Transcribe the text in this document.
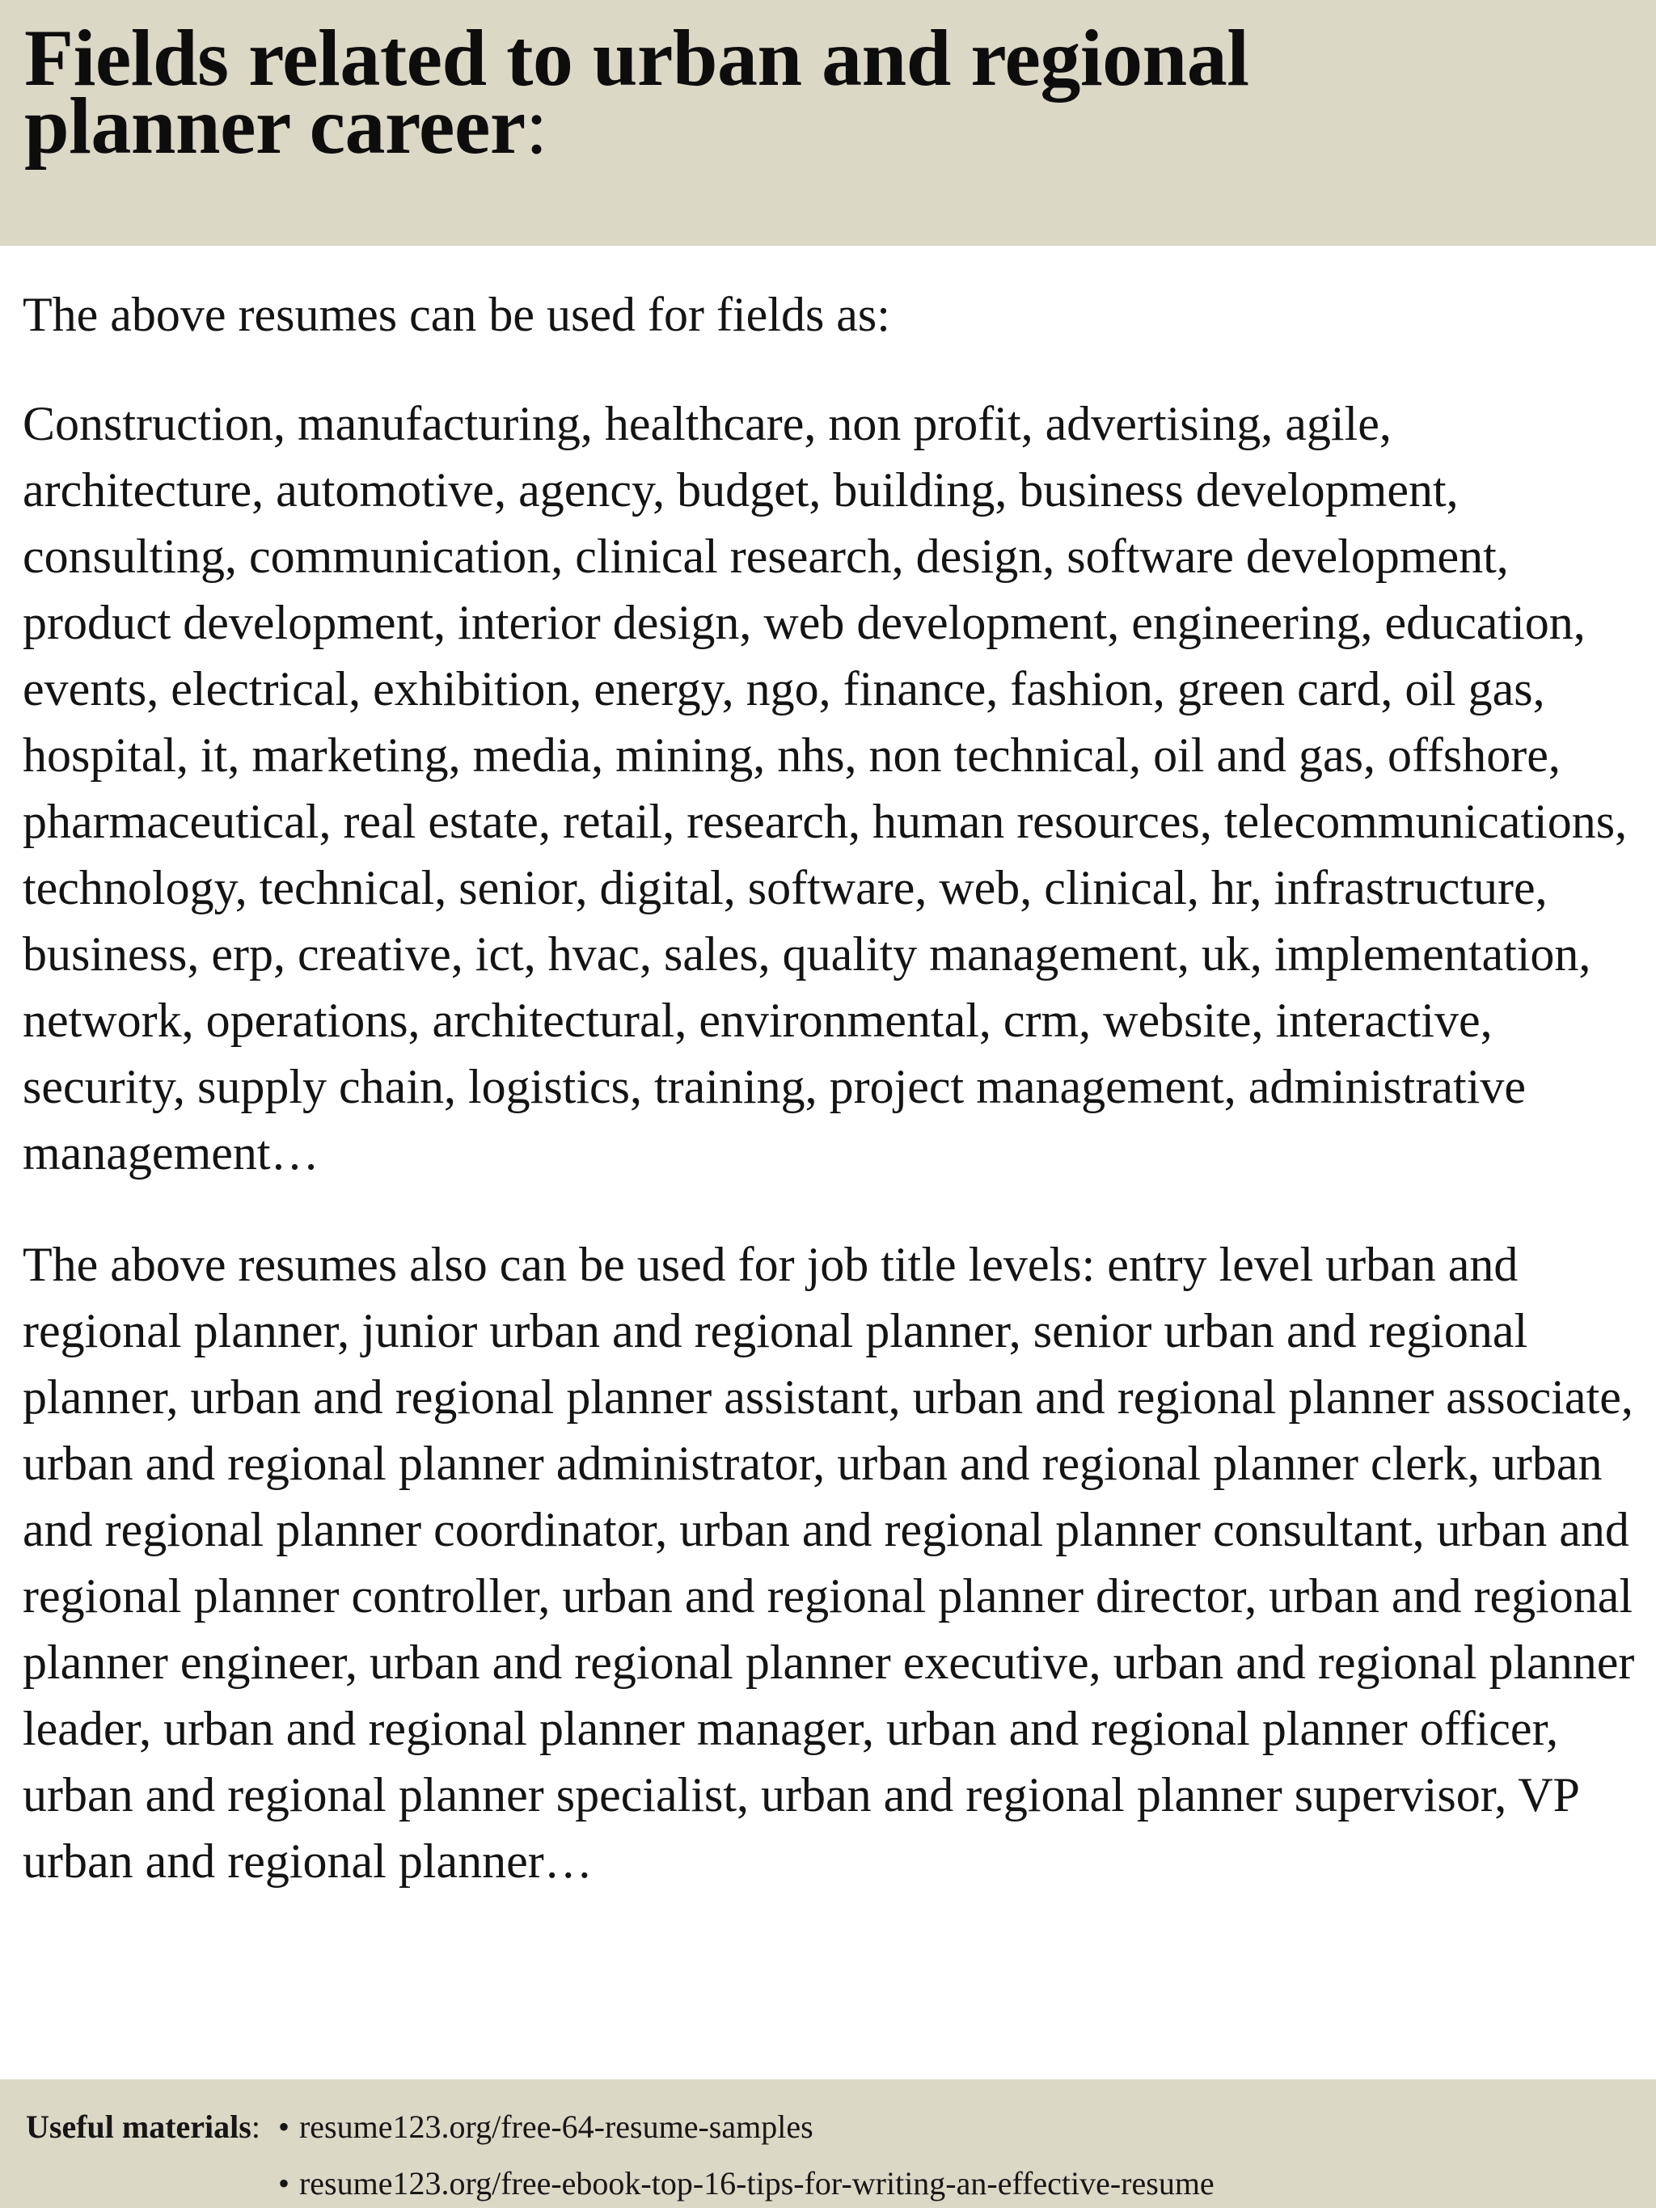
Fields related to urban and regional
planner career:

The above resumes can be used for fields as:

Construction, manufacturing, healthcare, non profit, advertising, agile, architecture, automotive, agency, budget, building, business development, consulting, communication, clinical research, design, software development, product development, interior design, web development, engineering, education, events, electrical, exhibition, energy, ngo, finance, fashion, green card, oil gas, hospital, it, marketing, media, mining, nhs, non technical, oil and gas, offshore, pharmaceutical, real estate, retail, research, human resources, telecommunications, technology, technical, senior, digital, software, web, clinical, hr, infrastructure, business, erp, creative, ict, hvac, sales, quality management, uk, implementation, network, operations, architectural, environmental, crm, website, interactive, security, supply chain, logistics, training, project management, administrative management…

The above resumes also can be used for job title levels: entry level urban and regional planner, junior urban and regional planner, senior urban and regional planner, urban and regional planner assistant, urban and regional planner associate, urban and regional planner administrator, urban and regional planner clerk, urban and regional planner coordinator, urban and regional planner consultant, urban and regional planner controller, urban and regional planner director, urban and regional planner engineer, urban and regional planner executive, urban and regional planner leader, urban and regional planner manager, urban and regional planner officer, urban and regional planner specialist, urban and regional planner supervisor, VP urban and regional planner…

Useful materials : • resume123.org/free-64-resume-samples
• resume123.org/free-ebook-top-16-tips-for-writing-an-effective-resume
